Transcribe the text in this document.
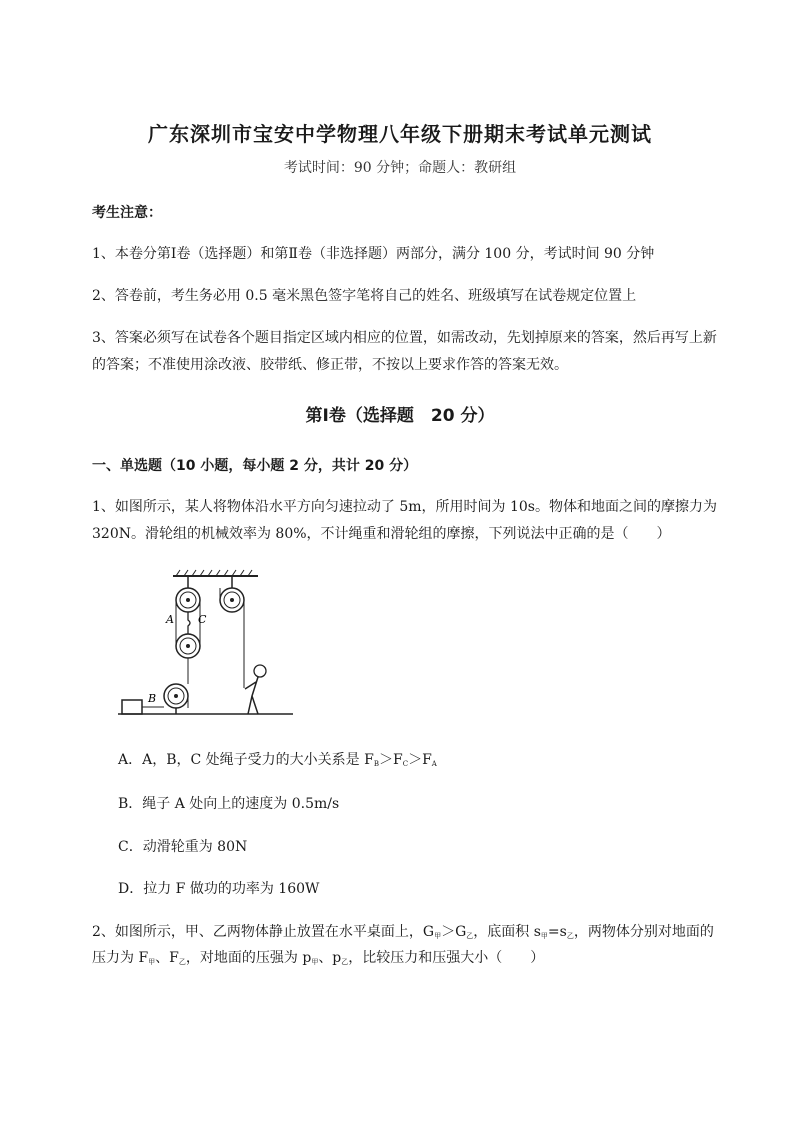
广东深圳市宝安中学物理八年级下册期末考试单元测试
考试时间：90 分钟；命题人：教研组
考生注意：
1、本卷分第Ⅰ卷（选择题）和第Ⅱ卷（非选择题）两部分，满分 100 分，考试时间 90 分钟
2、答卷前，考生务必用 0.5 毫米黑色签字笔将自己的姓名、班级填写在试卷规定位置上
3、答案必须写在试卷各个题目指定区域内相应的位置，如需改动，先划掉原来的答案，然后再写上新
的答案；不准使用涂改液、胶带纸、修正带，不按以上要求作答的答案无效。
第Ⅰ卷（选择题　20 分）
一、单选题（10 小题，每小题 2 分，共计 20 分）
1、如图所示，某人将物体沿水平方向匀速拉动了 5m，所用时间为 10s。物体和地面之间的摩擦力为
320N。滑轮组的机械效率为 80%，不计绳重和滑轮组的摩擦，下列说法中正确的是（　　）
A C
B
A．A，B，C 处绳子受力的大小关系是 $F_B>F_C>F_A$
B．绳子 A 处向上的速度为 0.5m/s
C．动滑轮重为 80N
D．拉力 F 做功的功率为 160W
2、如图所示，甲、乙两物体静止放置在水平桌面上，$G_甲>G_乙$，底面积 $s_甲=s_乙$，两物体分别对地面的
压力为 $F_甲$、$F_乙$，对地面的压强为 $p_甲$、$p_乙$，比较压力和压强大小（　　）
